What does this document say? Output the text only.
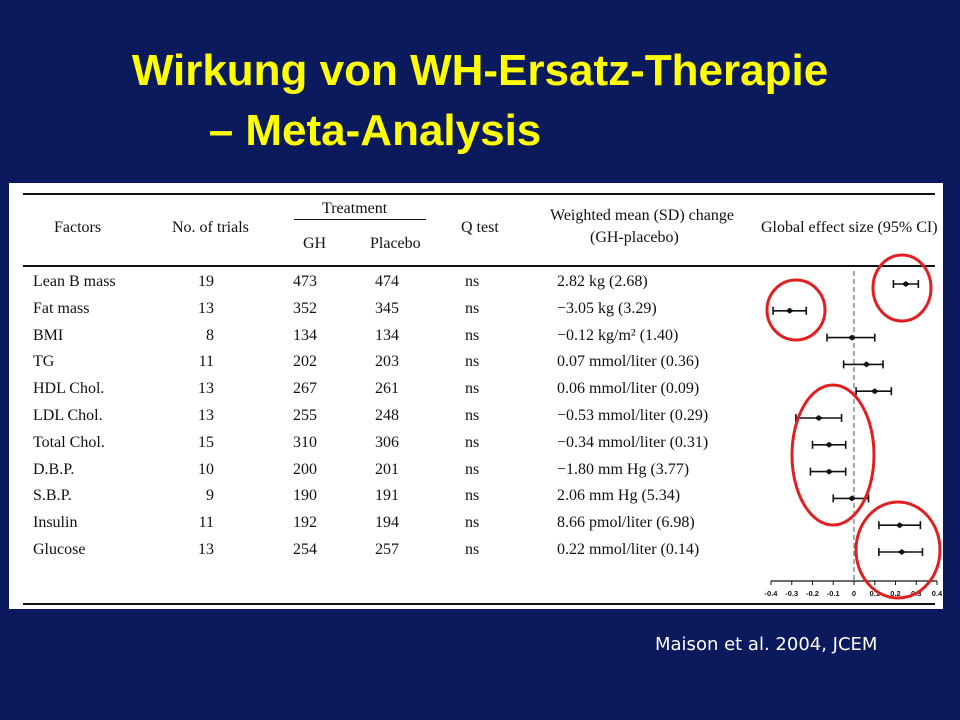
Wirkung von WH-Ersatz-Therapie
– Meta-Analysis
Factors	No. of trials
Treatment
GH	Placebo
Q test
Weighted mean (SD) change
(GH-placebo)
Global effect size (95% CI)
Lean B mass	19	473	474	ns	2.82 kg (2.68)
Fat mass	13	352	345	ns	−3.05 kg (3.29)
BMI	8	134	134	ns	−0.12 kg/m² (1.40)
TG	11	202	203	ns	0.07 mmol/liter (0.36)
HDL Chol.	13	267	261	ns	0.06 mmol/liter (0.09)
LDL Chol.	13	255	248	ns	−0.53 mmol/liter (0.29)
Total Chol.	15	310	306	ns	−0.34 mmol/liter (0.31)
D.B.P.	10	200	201	ns	−1.80 mm Hg (3.77)
S.B.P.	9	190	191	ns	2.06 mm Hg (5.34)
Insulin	11	192	194	ns	8.66 pmol/liter (6.98)
Glucose	13	254	257	ns	0.22 mmol/liter (0.14)
-0.4 -0.3 -0.2 -0.1 0 0.1 0.2 0.3 0.4
Maison et al. 2004, JCEM
